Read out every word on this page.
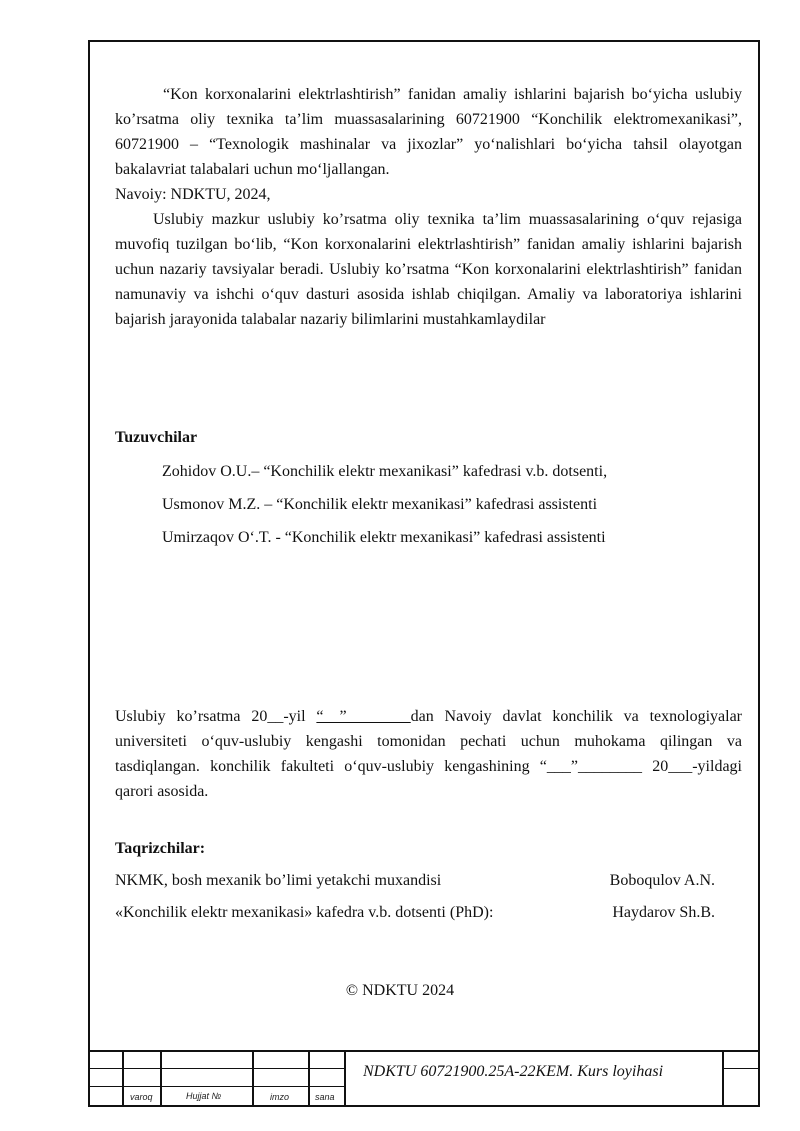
“Kon korxonalarini elektrlashtirish” fanidan amaliy ishlarini bajarish bo‘yicha uslubiy ko’rsatma oliy texnika ta’lim muassasalarining 60721900 “Konchilik elektromexanikasi”, 60721900 – “Texnologik mashinalar va jixozlar” yo‘nalishlari bo‘yicha tahsil olayotgan bakalavriat talabalari uchun mo‘ljallangan.
Navoiy: NDKTU, 2024,

Uslubiy mazkur uslubiy ko’rsatma oliy texnika ta’lim muassasalarining o‘quv rejasiga muvofiq tuzilgan bo‘lib, “Kon korxonalarini elektrlashtirish” fanidan amaliy ishlarini bajarish uchun nazariy tavsiyalar beradi. Uslubiy ko’rsatma “Kon korxonalarini elektrlashtirish” fanidan namunaviy va ishchi o‘quv dasturi asosida ishlab chiqilgan. Amaliy va laboratoriya ishlarini bajarish jarayonida talabalar nazariy bilimlarini mustahkamlaydilar

Tuzuvchilar
Zohidov O.U.– “Konchilik elektr mexanikasi” kafedrasi v.b. dotsenti,
Usmonov M.Z. – “Konchilik elektr mexanikasi” kafedrasi assistenti
Umirzaqov O‘.T. - “Konchilik elektr mexanikasi” kafedrasi assistenti

Uslubiy ko’rsatma 20__-yil “__”________dan Navoiy davlat konchilik va texnologiyalar universiteti o‘quv-uslubiy kengashi tomonidan pechati uchun muhokama qilingan va tasdiqlangan. konchilik fakulteti o‘quv-uslubiy kengashining “___”________ 20___-yildagi qarori asosida.

Taqrizchilar:
NKMK, bosh mexanik bo’limi yetakchi muxandisi	Boboqulov A.N.
«Konchilik elektr mexanikasi» kafedra v.b. dotsenti (PhD):	Haydarov Sh.B.
© NDKTU 2024
varoq	Hujjat №	imzo	sana
NDKTU 60721900.25A-22KEM. Kurs loyihasi
